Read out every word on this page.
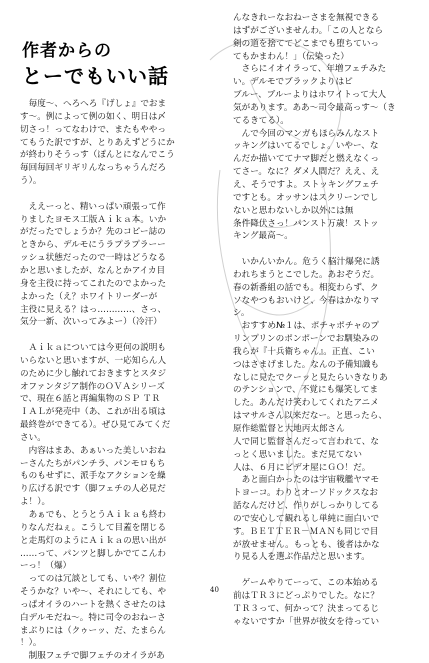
作者からの
とーでもいい話

　毎度～、へろへろ『げしょ』でおま

す～。例によって例の如く、明日は〆

切さっ！ってなわけで、またもややっ

てもうた訳ですが、とりあえずどうにか

が終わりそうっす（ぽんとになんでこう

毎回毎回ギリギリんなっちゃうんだろ

う）。

　ええーっと、精いっぱい頑張って作

りましたヨモス工版Ａｉｋａ本。いか

がだったでしょうか？先のコピー誌の

ときから、デルモにうラプラプラーー

ッシュ状態だったので一時はどうなる

かと思いましたが、なんとかアイカ目

身を主役に持ってこれたのでよかった

よかった（え？ホワイトリーダーが

主役に見える？はっ…………、さっ、

気分一新、次いってみよー）（冷汗）

　Ａｉｋａについては今更何の説明も

いらないと思いますが、一応知らん人

のために少し触れておきますとスタジ

オファンタジア制作のＯＶＡシリーズ

で、現在６話と再編集物のＳＰ ＴＲ

ＩＡＬが発売中（あ、これが出る頃は

最終巻ができてる）。ぜひ見てみてくだ

さい。

　内容はまあ、あぁいった美しいおね

ーさんたちがパンチラ、パンモロもち

ものもせずに、派手なアクションを繰

り広げる訳です（脚フェチの人必見だ

よ！）。

　あぁでも、とうとうＡｉｋａも終わ

りなんだねぇ。こうして目蓋を閉じる

と走馬灯のようにＡｉｋａの思い出が

……って、パンツと脚しかでてこんわ

ーっ！（爆）

　ってのは冗談としても、いや？割位

そうかな？いや～、それにしても、や

っぱオイラのハートを熱くさせたのは

白デルモだね～。特に司令のおねーさ

まぶりには（クゥーッ、だ、たまらん

！）。

　制服フェチで脚フェチのオイラがあ

んなきれーなおねーさまを無視できる

はずがございませんわ。「この人となら

剣の道を捨ててどこまでも堕ちていっ

てもかまわん！」（伝染った）

　さらにイオイラって、年増フェチみた

い。デルモでブラックよりはピ

ブルー、ブルーよりはホワイトって大人

気があります。ああ～司令最高っす～（き

てるきてる）。

　んで今回のマンガもほらみんなスト

ッキングはいてるでしょ。いやー、な

んだか描いててナマ脚だと燃えなくっ

てさー。なに？ダメ人間だ？ええ、え

え、そうですよ。ストッキングフェチ

ですとも。オッサンはスクリーンでし

ないと思わないしか以外には無

条件降伏さっ！パンスト万歳！ストッ

キング最高～。

　いかんいかん。危うく脳汁爆発に誘

われちまうとこでした。あおぞうだ。

春の新番組の話でも。相変わらず、ク

ソなやつもおいけど、今春はかなりマ

シ。

　おすすめ№１は、ポチャポチャのプ

リンプリンのポンポーンでお馴染みの

我らが『十兵衛ちゃん』。正直、こい

つはさまげました。なんの予備知識も

なしに見たでクーッと見たらいきなりあ

のテンションで、不覚にも爆笑してま

した。あんだけ笑わしてくれたアニメ

はマサルさん以来だなー。と思ったら、

原作総監督と大地丙太郎さん

人で同じ監督さんだって言われて、な

っとく思いました。まだ見てない

人は、６月にビデオ屋にＧＯ！だ。

　あと面白かったのは宇宙戦艦ヤマモ

トヨーコ。わりとオーソドックスなお

話なんだけど、作りがしっかりしてる

ので安心して観れるし単純に面白いで

す。ＢＥＴＴＥＲ－ＭＡＮも同じで目

が放せません。もっとも、後者はかな

り見る人を選ぶ作品だと思います。

　ゲームやりてーって、この本始める

前はＴＲ３にどっぷりでした。なに？

ＴＲ３って、何かって？決まってるじ

ゃないですか「世界が彼女を待ってい

40
